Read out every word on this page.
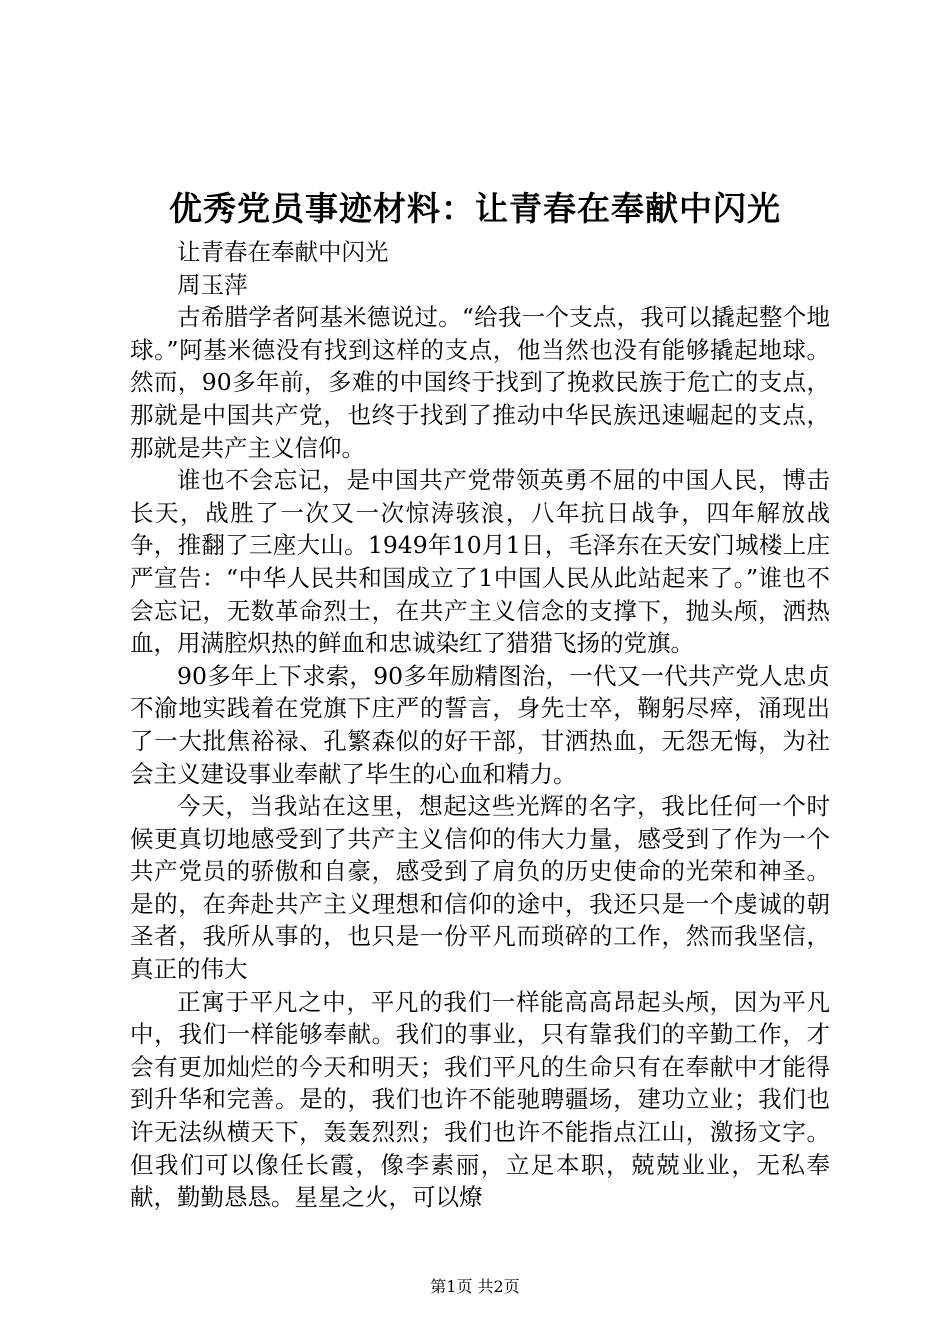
优秀党员事迹材料：让青春在奉献中闪光

让青春在奉献中闪光

周玉萍

古希腊学者阿基米德说过。“给我一个支点，我可以撬起整个地球。”阿基米德没有找到这样的支点，他当然也没有能够撬起地球。然而，90多年前，多难的中国终于找到了挽救民族于危亡的支点，那就是中国共产党，也终于找到了推动中华民族迅速崛起的支点，那就是共产主义信仰。

谁也不会忘记，是中国共产党带领英勇不屈的中国人民，博击长天，战胜了一次又一次惊涛骇浪，八年抗日战争，四年解放战争，推翻了三座大山。1949年10月1日，毛泽东在天安门城楼上庄严宣告：“中华人民共和国成立了1中国人民从此站起来了。”谁也不会忘记，无数革命烈士，在共产主义信念的支撑下，抛头颅，洒热血，用满腔炽热的鲜血和忠诚染红了猎猎飞扬的党旗。

90多年上下求索，90多年励精图治，一代又一代共产党人忠贞不渝地实践着在党旗下庄严的誓言，身先士卒，鞠躬尽瘁，涌现出了一大批焦裕禄、孔繁森似的好干部，甘洒热血，无怨无悔，为社会主义建设事业奉献了毕生的心血和精力。

今天，当我站在这里，想起这些光辉的名字，我比任何一个时候更真切地感受到了共产主义信仰的伟大力量，感受到了作为一个共产党员的骄傲和自豪，感受到了肩负的历史使命的光荣和神圣。是的，在奔赴共产主义理想和信仰的途中，我还只是一个虔诚的朝圣者，我所从事的，也只是一份平凡而琐碎的工作，然而我坚信，真正的伟大

正寓于平凡之中，平凡的我们一样能高高昂起头颅，因为平凡中，我们一样能够奉献。我们的事业，只有靠我们的辛勤工作，才会有更加灿烂的今天和明天；我们平凡的生命只有在奉献中才能得到升华和完善。是的，我们也许不能驰聘疆场，建功立业；我们也许无法纵横天下，轰轰烈烈；我们也许不能指点江山，激扬文字。但我们可以像任长霞，像李素丽，立足本职，兢兢业业，无私奉献，勤勤恳恳。星星之火，可以燎

第1页 共2页
